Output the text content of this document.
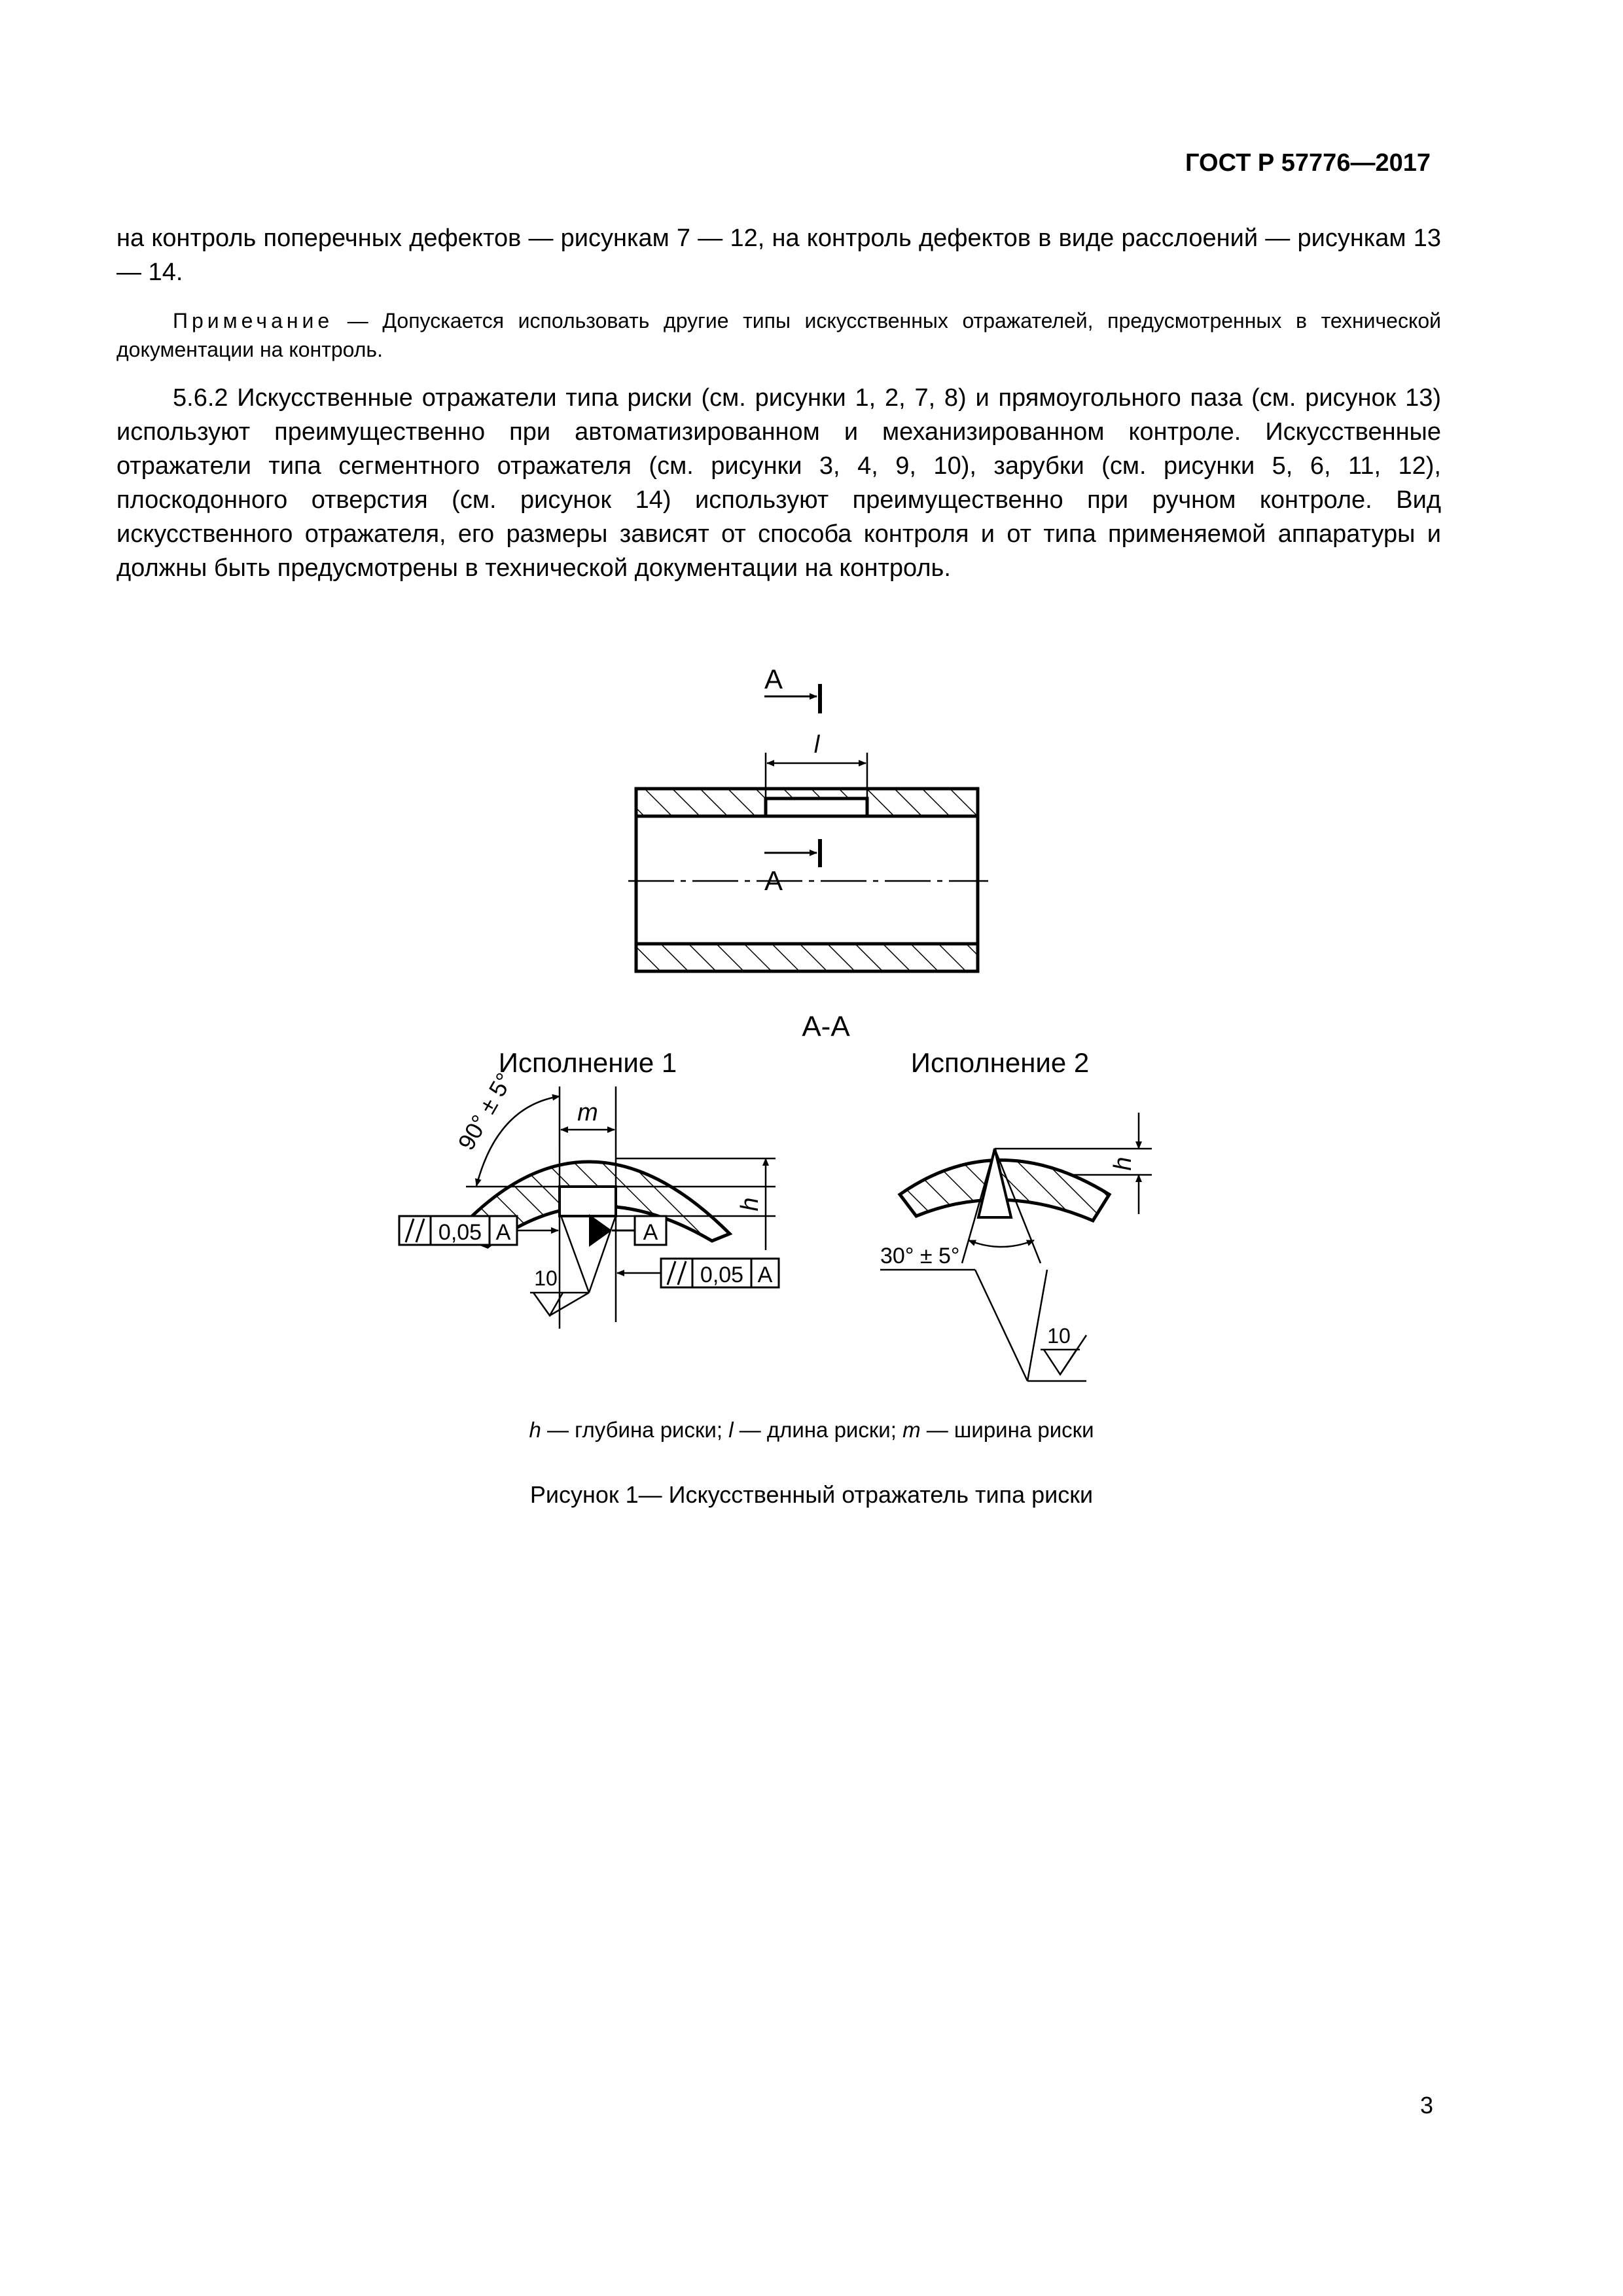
ГОСТ Р 57776—2017

на контроль поперечных дефектов — рисункам 7 — 12, на контроль дефектов в виде расслоений — рисункам 13 — 14.

Примечание — Допускается использовать другие типы искусственных отражателей, предусмотренных в технической документации на контроль.

5.6.2 Искусственные отражатели типа риски (см. рисунки 1, 2, 7, 8) и прямоугольного паза (см. рисунок 13) используют преимущественно при автоматизированном и механизированном контроле. Искусственные отражатели типа сегментного отражателя (см. рисунки 3, 4, 9, 10), зарубки (см. рисунки 5, 6, 11, 12), плоскодонного отверстия (см. рисунок 14) используют преимущественно при ручном контроле. Вид искусственного отражателя, его размеры зависят от способа контроля и от типа применяемой аппаратуры и должны быть предусмотрены в технической документации на контроль.

l
А
А
А-А
Исполнение 1	Исполнение 2
m
90° ± 5°
h
А
0,05 А
0,05 А
10
h
30° ± 5°
10
h — глубина риски; l — длина риски; m — ширина риски
Рисунок 1— Искусственный отражатель типа риски
3
